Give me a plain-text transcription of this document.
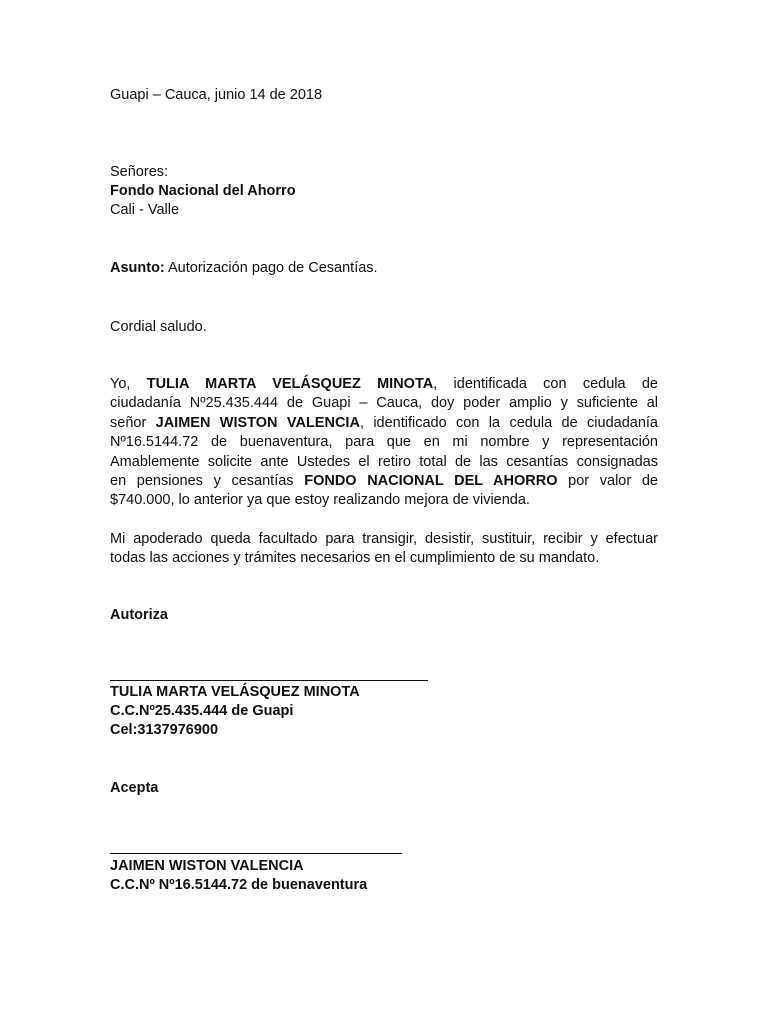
Guapi – Cauca, junio 14 de 2018
Señores:
Fondo Nacional del Ahorro
Cali - Valle
Asunto: Autorización pago de Cesantías.
Cordial saludo.
Yo, TULIA MARTA VELÁSQUEZ MINOTA, identificada con cedula de
ciudadanía Nº25.435.444 de Guapi – Cauca, doy poder amplio y suficiente al
señor JAIMEN WISTON VALENCIA, identificado con la cedula de ciudadanía
Nº16.5144.72 de buenaventura, para que en mi nombre y representación
Amablemente solicite ante Ustedes el retiro total de las cesantías consignadas
en pensiones y cesantías FONDO NACIONAL DEL AHORRO por valor de
$740.000, lo anterior ya que estoy realizando mejora de vivienda.
Mi apoderado queda facultado para transigir, desistir, sustituir, recibir y efectuar
todas las acciones y trámites necesarios en el cumplimiento de su mandato.
Autoriza
TULIA MARTA VELÁSQUEZ MINOTA
C.C.Nº25.435.444 de Guapi
Cel:3137976900
Acepta
JAIMEN WISTON VALENCIA
C.C.Nº Nº16.5144.72 de buenaventura
